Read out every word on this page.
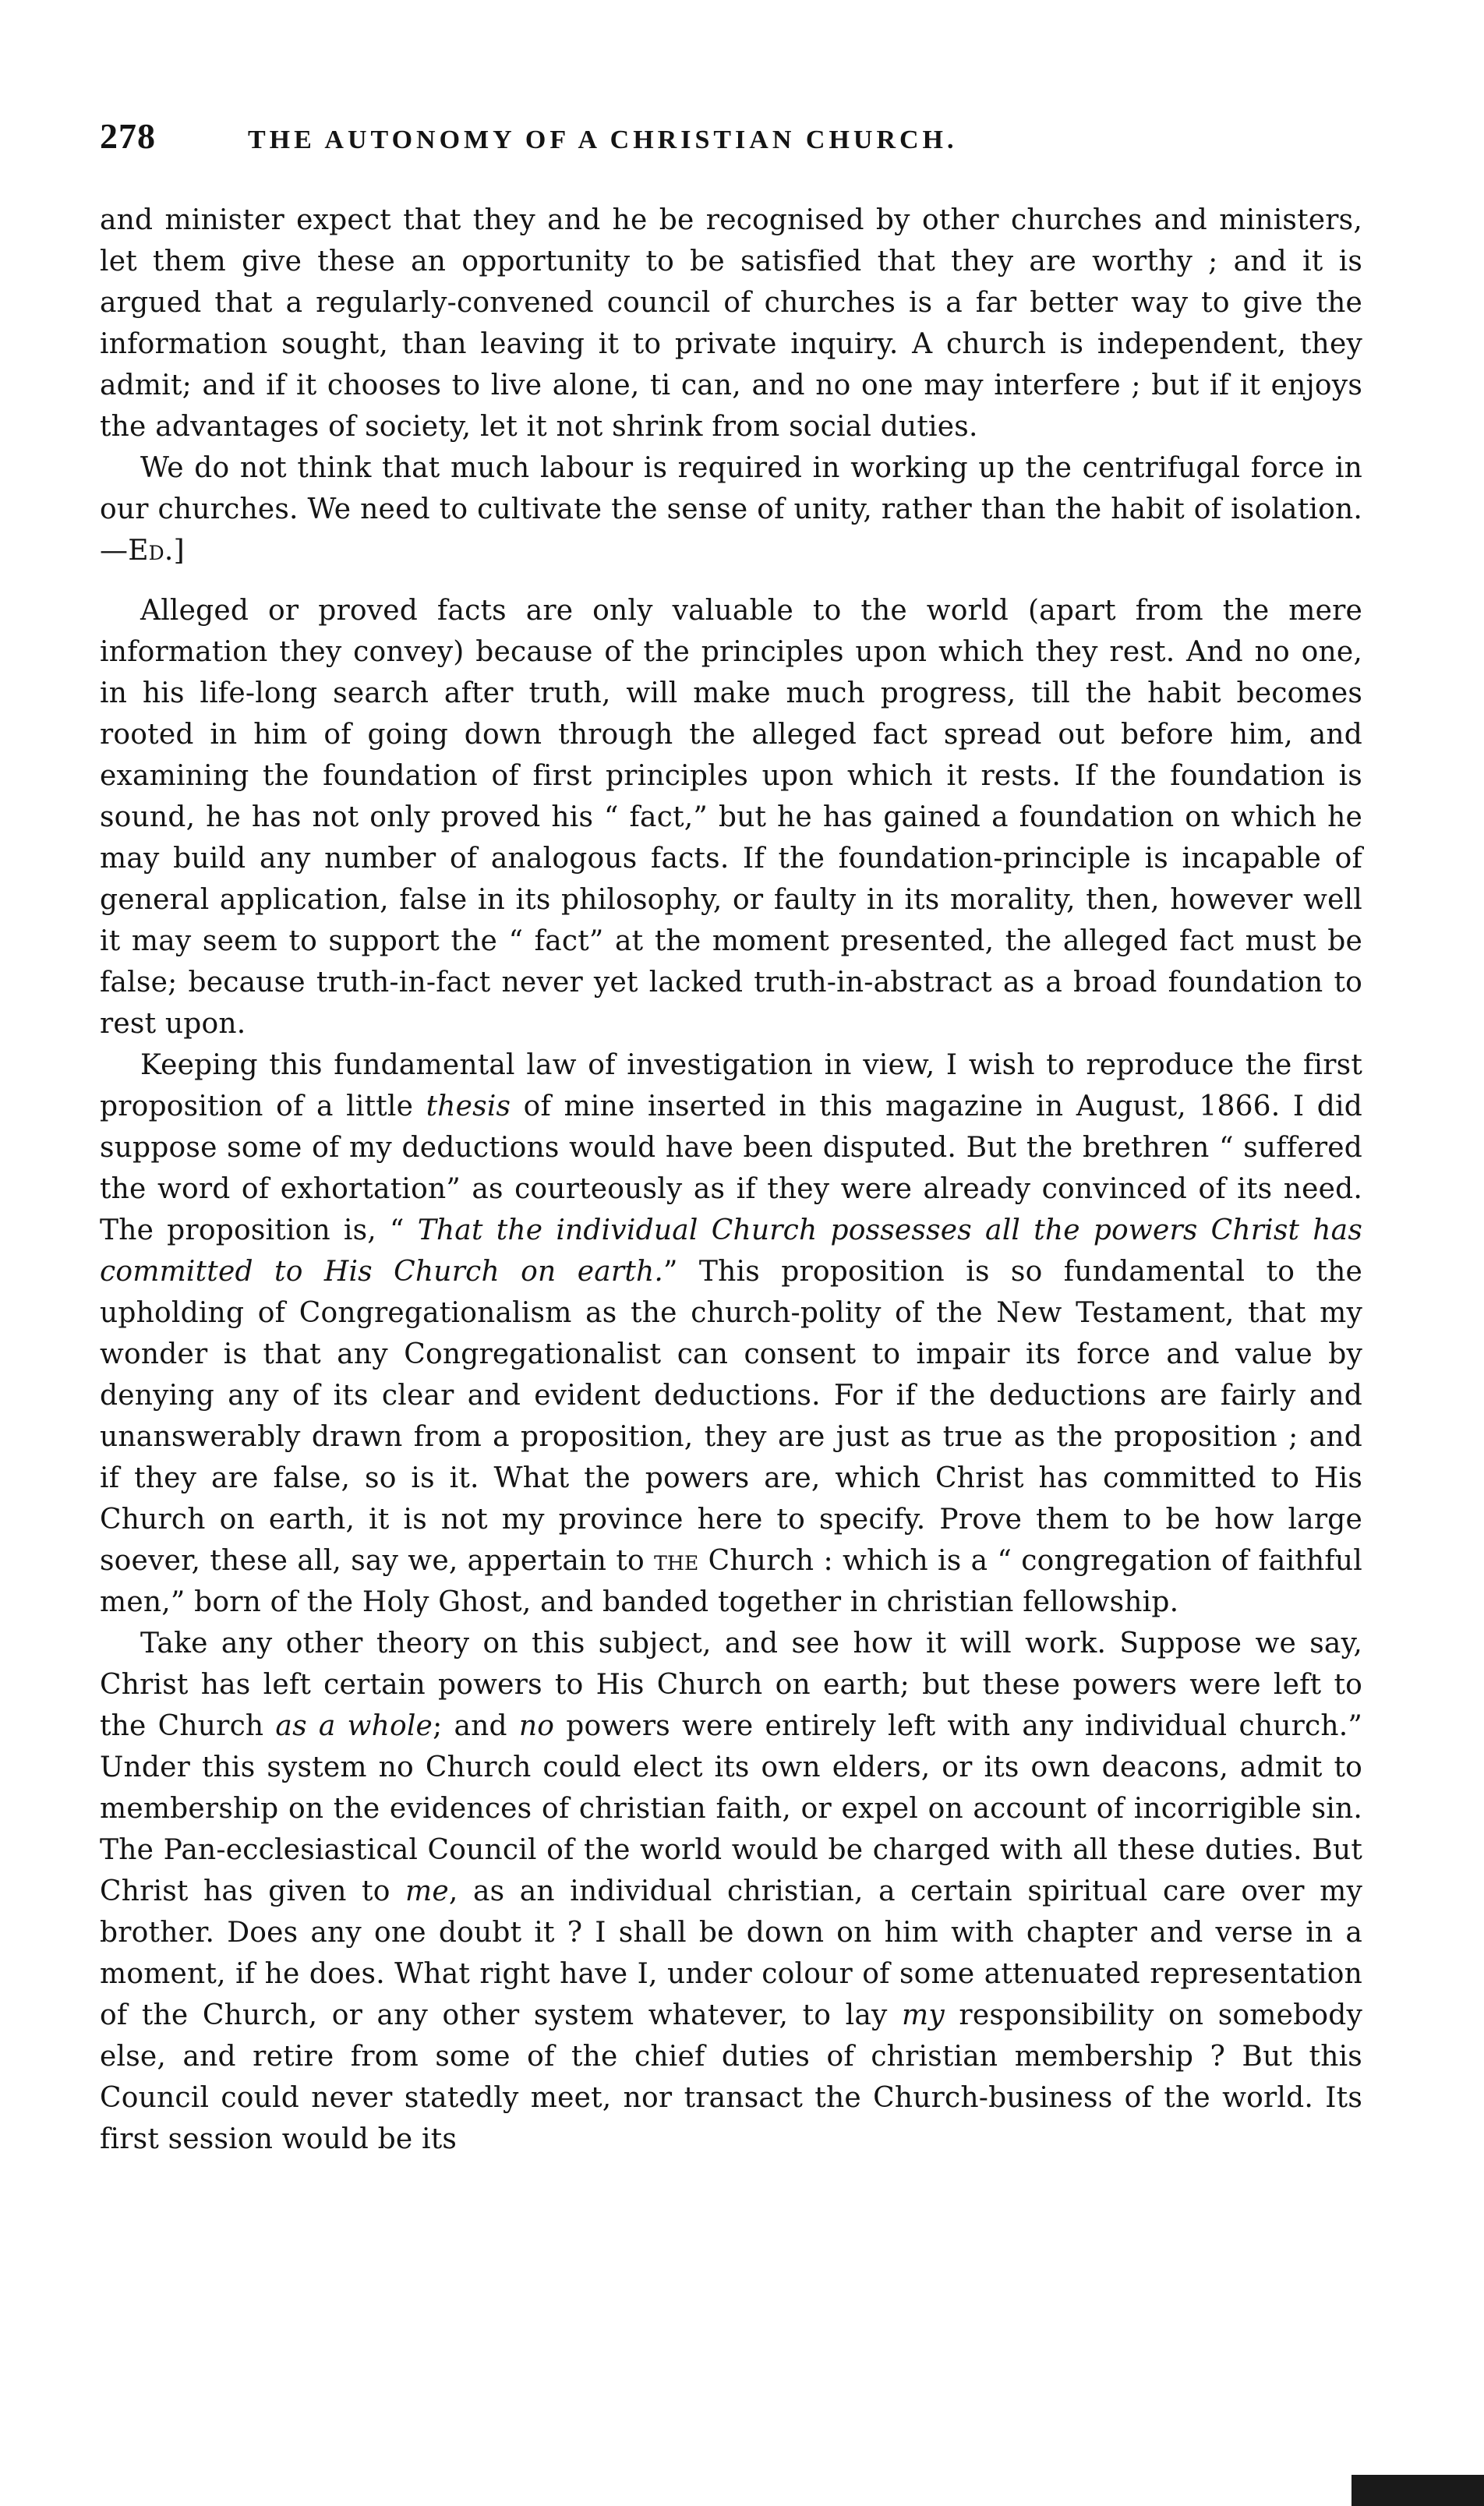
278	THE AUTONOMY OF A CHRISTIAN CHURCH.

and minister expect that they and he be recognised by other churches and ministers, let them give these an opportunity to be satisfied that they are worthy ; and it is argued that a regularly-convened council of churches is a far better way to give the information sought, than leaving it to private inquiry. A church is independent, they admit; and if it chooses to live alone, ti can, and no one may interfere ; but if it enjoys the advantages of society, let it not shrink from social duties.

We do not think that much labour is required in working up the centrifugal force in our churches. We need to cultivate the sense of unity, rather than the habit of isolation.—Ed.]

Alleged or proved facts are only valuable to the world (apart from the mere information they convey) because of the principles upon which they rest. And no one, in his life-long search after truth, will make much progress, till the habit becomes rooted in him of going down through the alleged fact spread out before him, and examining the foundation of first principles upon which it rests. If the foundation is sound, he has not only proved his “ fact,” but he has gained a foundation on which he may build any number of analogous facts. If the foundation-principle is incapable of general application, false in its philosophy, or faulty in its morality, then, however well it may seem to support the “ fact” at the moment presented, the alleged fact must be false; because truth-in-fact never yet lacked truth-in-abstract as a broad foundation to rest upon.

Keeping this fundamental law of investigation in view, I wish to reproduce the first proposition of a little thesis of mine inserted in this magazine in August, 1866. I did suppose some of my deductions would have been disputed. But the brethren “ suffered the word of exhortation” as courteously as if they were already convinced of its need. The proposition is, “ That the individual Church possesses all the powers Christ has committed to His Church on earth.” This proposition is so fundamental to the upholding of Congregationalism as the church-polity of the New Testament, that my wonder is that any Congregationalist can consent to impair its force and value by denying any of its clear and evident deductions. For if the deductions are fairly and unanswerably drawn from a proposition, they are just as true as the proposition ; and if they are false, so is it. What the powers are, which Christ has committed to His Church on earth, it is not my province here to specify. Prove them to be how large soever, these all, say we, appertain to the Church : which is a “ congregation of faithful men,” born of the Holy Ghost, and banded together in christian fellowship.

Take any other theory on this subject, and see how it will work. Suppose we say, Christ has left certain powers to His Church on earth; but these powers were left to the Church as a whole; and no powers were entirely left with any individual church.” Under this system no Church could elect its own elders, or its own deacons, admit to membership on the evidences of christian faith, or expel on account of incorrigible sin. The Pan-ecclesiastical Council of the world would be charged with all these duties. But Christ has given to me, as an individual christian, a certain spiritual care over my brother. Does any one doubt it ? I shall be down on him with chapter and verse in a moment, if he does. What right have I, under colour of some attenuated representation of the Church, or any other system whatever, to lay my responsibility on somebody else, and retire from some of the chief duties of christian membership ? But this Council could never statedly meet, nor transact the Church-business of the world. Its first session would be its
